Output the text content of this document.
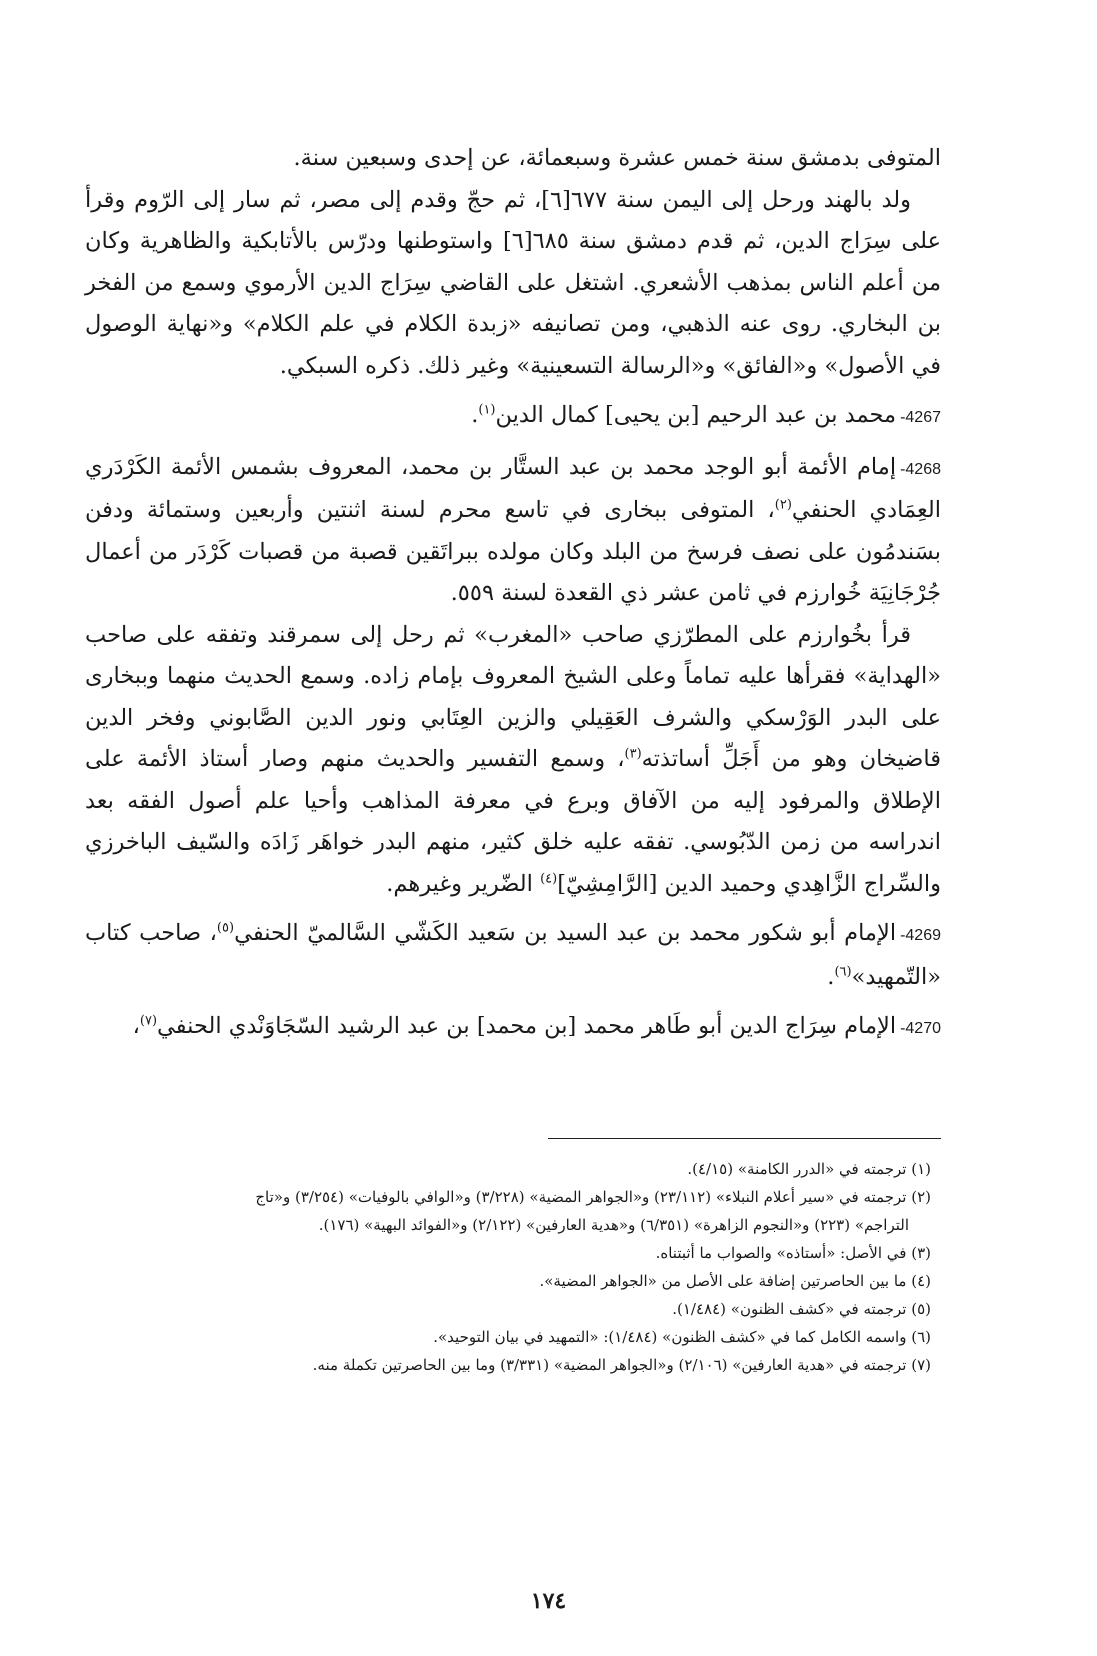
المتوفى بدمشق سنة خمس عشرة وسبعمائة، عن إحدى وسبعين سنة.

ولد بالهند ورحل إلى اليمن سنة ٦٧٧[٦]، ثم حجّ وقدم إلى مصر، ثم سار إلى الرّوم وقرأ على سِرَاج الدين، ثم قدم دمشق سنة ٦٨٥[٦] واستوطنها ودرّس بالأتابكية والظاهرية وكان من أعلم الناس بمذهب الأشعري. اشتغل على القاضي سِرَاج الدين الأرموي وسمع من الفخر بن البخاري. روى عنه الذهبي، ومن تصانيفه «زبدة الكلام في علم الكلام» و«نهاية الوصول في الأصول» و«الفائق» و«الرسالة التسعينية» وغير ذلك. ذكره السبكي.

4267-محمد بن عبد الرحيم [بن يحيى] كمال الدين$^{(١)}$.

4268-إمام الأئمة أبو الوجد محمد بن عبد الستَّار بن محمد، المعروف بشمس الأئمة الكَرْدَري العِمَادي الحنفي$^{(٢)}$، المتوفى ببخارى في تاسع محرم لسنة اثنتين وأربعين وستمائة ودفن بسَندمُون على نصف فرسخ من البلد وكان مولده ببراتَقين قصبة من قصبات كَرْدَر من أعمال جُرْجَانِيَة خُوارزم في ثامن عشر ذي القعدة لسنة ٥٥٩.

قرأ بخُوارزم على المطرّزي صاحب «المغرب» ثم رحل إلى سمرقند وتفقه على صاحب «الهداية» فقرأها عليه تماماً وعلى الشيخ المعروف بإمام زاده. وسمع الحديث منهما وببخارى على البدر الوَرْسكي والشرف العَقِيلي والزين العِتَابي ونور الدين الصَّابوني وفخر الدين قاضيخان وهو من أَجَلِّ أساتذته$^{(٣)}$، وسمع التفسير والحديث منهم وصار أستاذ الأئمة على الإطلاق والمرفود إليه من الآفاق وبرع في معرفة المذاهب وأحيا علم أصول الفقه بعد اندراسه من زمن الدّبُوسي. تفقه عليه خلق كثير، منهم البدر خواهَر زَادَه والسّيف الباخرزي والسِّراج الزَّاهِدي وحميد الدين [الرَّامِشِيّ]$^{(٤)}$ الضّرير وغيرهم.

4269-الإمام أبو شكور محمد بن عبد السيد بن سَعيد الكَشّي السَّالميّ الحنفي$^{(٥)}$، صاحب كتاب «التّمهيد»$^{(٦)}$.

4270-الإمام سِرَاج الدين أبو طَاهر محمد [بن محمد] بن عبد الرشيد السّجَاوَنْدي الحنفي$^{(٧)}$،

(١) ترجمته في «الدرر الكامنة» (٤/١٥).

(٢) ترجمته في «سير أعلام النبلاء» (٢٣/١١٢) و«الجواهر المضية» (٣/٢٢٨) و«الوافي بالوفيات» (٣/٢٥٤) و«تاج
التراجم» (٢٢٣) و«النجوم الزاهرة» (٦/٣٥١) و«هدية العارفين» (٢/١٢٢) و«الفوائد البهية» (١٧٦).

(٣) في الأصل: «أستاذه» والصواب ما أثبتناه.

(٤) ما بين الحاصرتين إضافة على الأصل من «الجواهر المضية».

(٥) ترجمته في «كشف الظنون» (١/٤٨٤).

(٦) واسمه الكامل كما في «كشف الظنون» (١/٤٨٤): «التمهيد في بيان التوحيد».

(٧) ترجمته في «هدية العارفين» (٢/١٠٦) و«الجواهر المضية» (٣/٣٣١) وما بين الحاصرتين تكملة منه.

١٧٤
